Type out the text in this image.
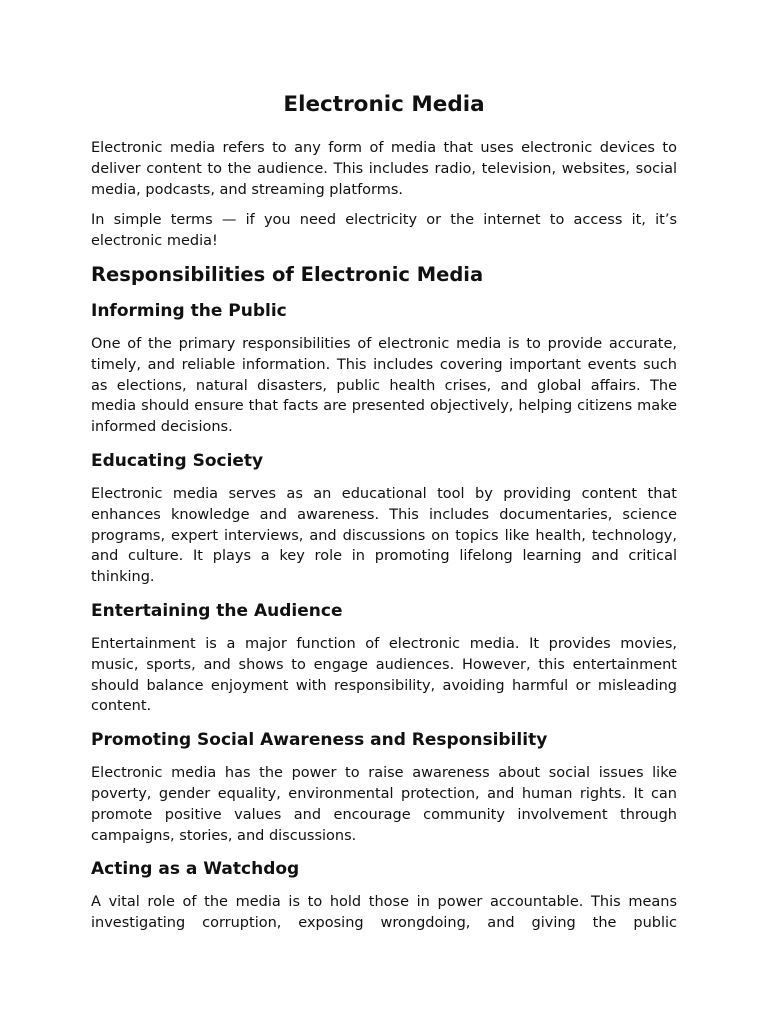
Electronic Media

Electronic media refers to any form of media that uses electronic devices to deliver content to the audience. This includes radio, television, websites, social media, podcasts, and streaming platforms.

In simple terms — if you need electricity or the internet to access it, it’s electronic media!

Responsibilities of Electronic Media
Informing the Public

One of the primary responsibilities of electronic media is to provide accurate, timely, and reliable information. This includes covering important events such as elections, natural disasters, public health crises, and global affairs. The media should ensure that facts are presented objectively, helping citizens make informed decisions.

Educating Society

Electronic media serves as an educational tool by providing content that enhances knowledge and awareness. This includes documentaries, science programs, expert interviews, and discussions on topics like health, technology, and culture. It plays a key role in promoting lifelong learning and critical thinking.

Entertaining the Audience

Entertainment is a major function of electronic media. It provides movies, music, sports, and shows to engage audiences. However, this entertainment should balance enjoyment with responsibility, avoiding harmful or misleading content.

Promoting Social Awareness and Responsibility

Electronic media has the power to raise awareness about social issues like poverty, gender equality, environmental protection, and human rights. It can promote positive values and encourage community involvement through campaigns, stories, and discussions.

Acting as a Watchdog

A vital role of the media is to hold those in power accountable. This means investigating corruption, exposing wrongdoing, and giving the public
